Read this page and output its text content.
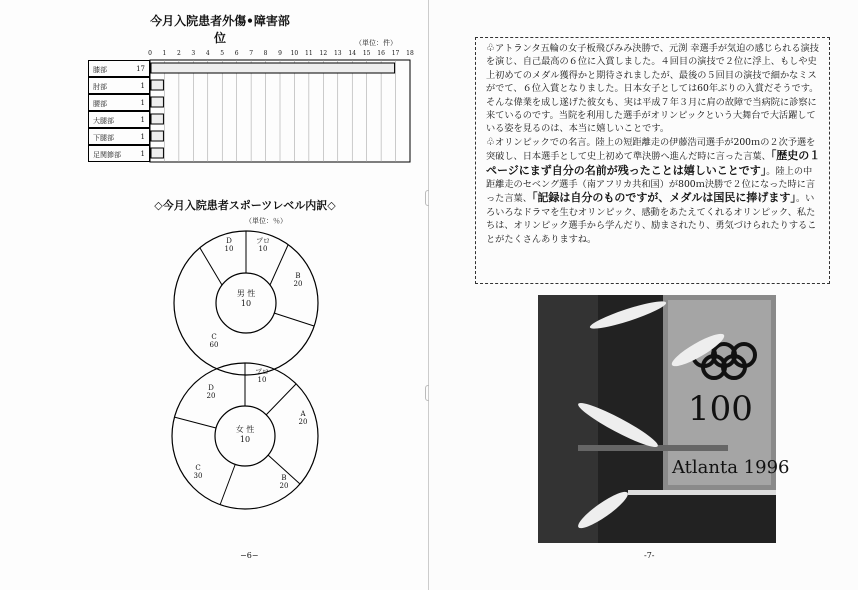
今月入院患者外傷•障害部位	（単位：件）
0	1	2	3	4	5	6	7	8	9	10	11	12	13	14	15	16	17	18
膝部	17
肘部	1
腰部	1
大腿部	1
下腿部	1
足関節部	1
◇今月入院患者スポーツレベル内訳◇
（単位：％）
D
10
プロ
10
B
20
C
60
男 性
10
プロ
10
A
20
B
20
C
30
D
20
女 性
10
−6−

♧アトランタ五輪の女子板飛びみみ決勝で、元渕 幸選手が気迫の感じられる演技を演じ、自己最高の６位に入賞しました。４回目の演技で２位に浮上、もしや史上初めてのメダル獲得かと期待されましたが、最後の５回目の演技で細かなミスがでて、６位入賞となりました。日本女子としては60年ぶりの入賞だそうです。そんな偉業を成し遂げた彼女も、実は平成７年３月に肩の故障で当病院に診察に来ているのです。当院を利用した選手がオリンピックという大舞台で大活躍している姿を見るのは、本当に嬉しいことです。

♧オリンピックでの名言。陸上の短距離走の伊藤浩司選手が200ｍの２次予選を突破し、日本選手として史上初めて準決勝へ進んだ時に言った言葉、「歴史の１ページにまず自分の名前が残ったことは嬉しいことです」。陸上の中距離走のセベング選手（南アフリカ共和国）が800ｍ決勝で２位になった時に言った言葉、「記録は自分のものですが、メダルは国民に捧げます」。いろいろなドラマを生むオリンピック、感動をあたえてくれるオリンピック、私たちは、オリンピック選手から学んだり、励まされたり、勇気づけられたりすることがたくさんありますね。

100
Atlanta 1996
-7-
